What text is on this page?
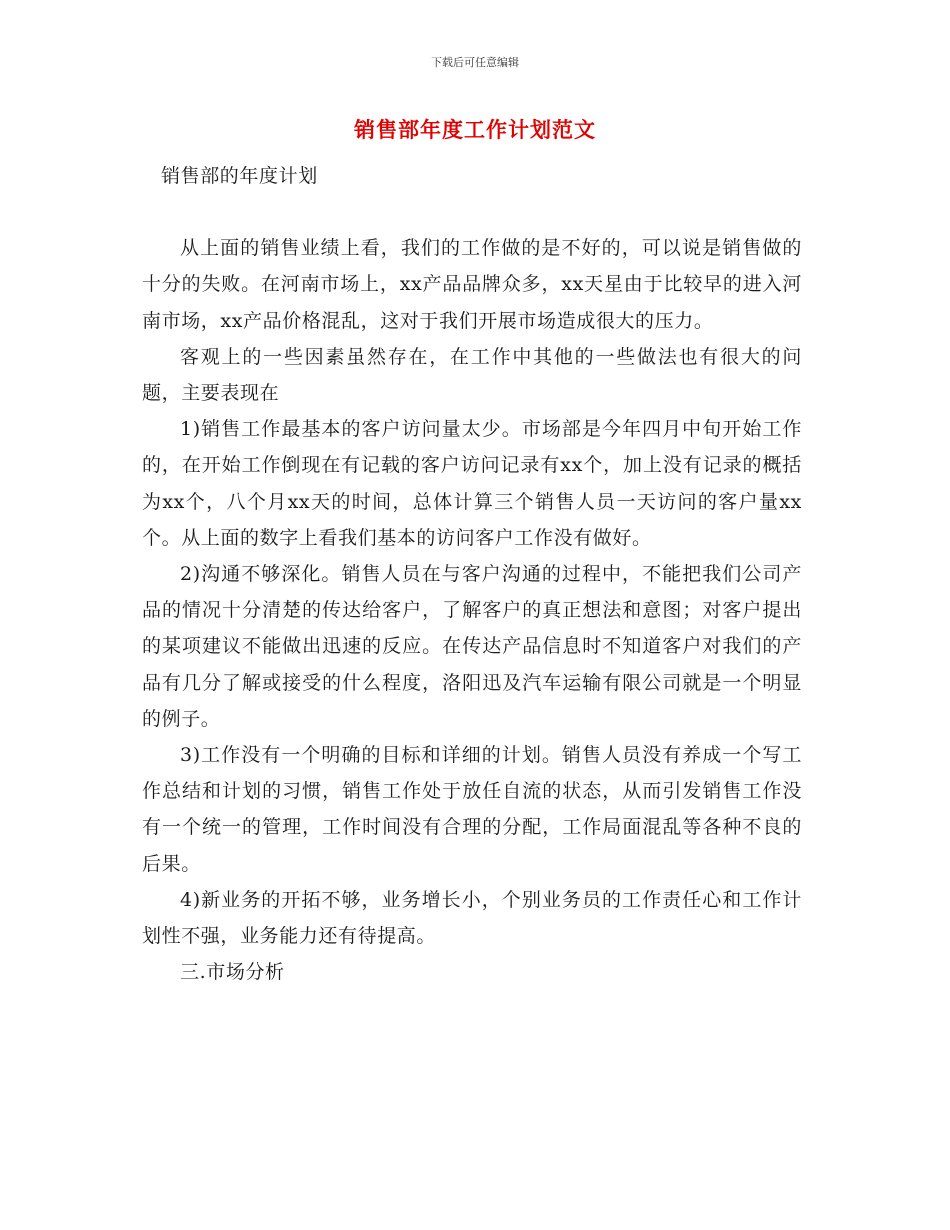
下载后可任意编辑
销售部年度工作计划范文

销售部的年度计划

从上面的销售业绩上看，我们的工作做的是不好的，可以说是销售做的十分的失败。在河南市场上，xx产品品牌众多，xx天星由于比较早的进入河南市场，xx产品价格混乱，这对于我们开展市场造成很大的压力。

客观上的一些因素虽然存在，在工作中其他的一些做法也有很大的问题，主要表现在

1)销售工作最基本的客户访问量太少。市场部是今年四月中旬开始工作的，在开始工作倒现在有记载的客户访问记录有xx个，加上没有记录的概括为xx个，八个月xx天的时间，总体计算三个销售人员一天访问的客户量xx个。从上面的数字上看我们基本的访问客户工作没有做好。

2)沟通不够深化。销售人员在与客户沟通的过程中，不能把我们公司产品的情况十分清楚的传达给客户，了解客户的真正想法和意图；对客户提出的某项建议不能做出迅速的反应。在传达产品信息时不知道客户对我们的产品有几分了解或接受的什么程度，洛阳迅及汽车运输有限公司就是一个明显的例子。

3)工作没有一个明确的目标和详细的计划。销售人员没有养成一个写工作总结和计划的习惯，销售工作处于放任自流的状态，从而引发销售工作没有一个统一的管理，工作时间没有合理的分配，工作局面混乱等各种不良的后果。

4)新业务的开拓不够，业务增长小，个别业务员的工作责任心和工作计划性不强，业务能力还有待提高。

三.市场分析
